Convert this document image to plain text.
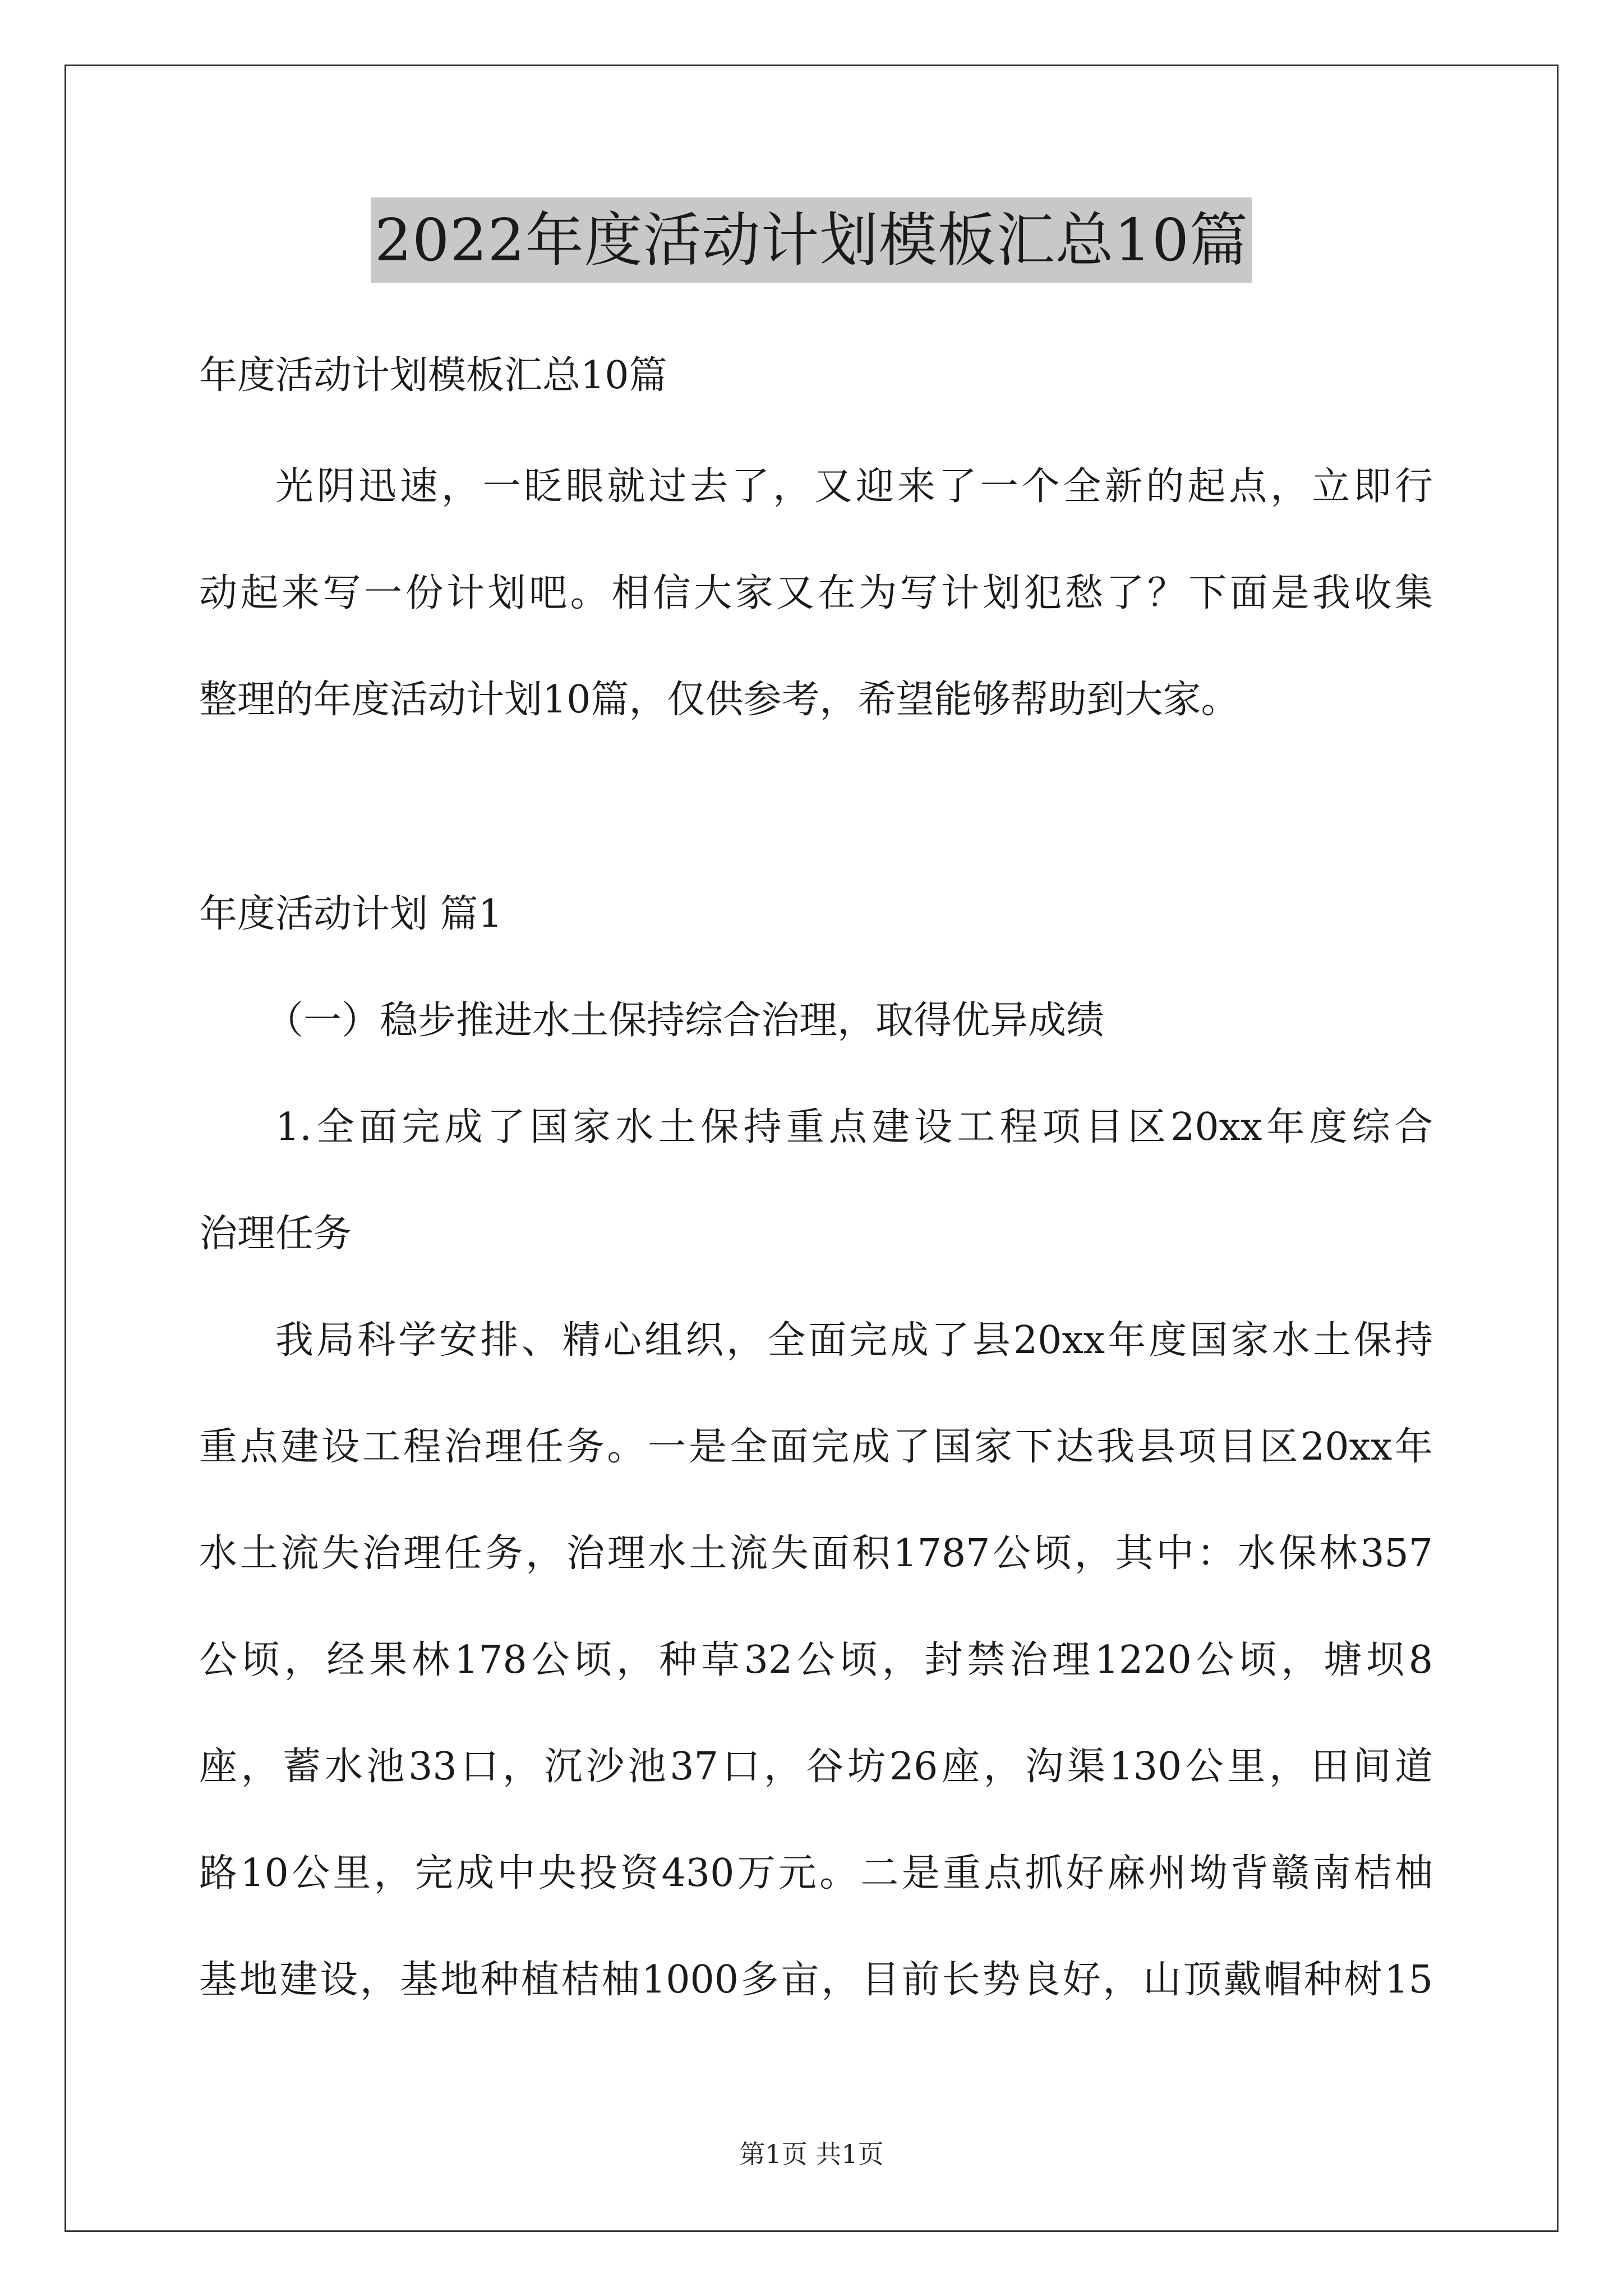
2022年度活动计划模板汇总10篇

年度活动计划模板汇总10篇

光阴迅速，一眨眼就过去了，又迎来了一个全新的起点，立即行
动起来写一份计划吧。相信大家又在为写计划犯愁了？下面是我收集
整理的年度活动计划10篇，仅供参考，希望能够帮助到大家。

年度活动计划 篇1

（一）稳步推进水土保持综合治理，取得优异成绩

1.全面完成了国家水土保持重点建设工程项目区20xx年度综合
治理任务

我局科学安排、精心组织，全面完成了县20xx年度国家水土保持
重点建设工程治理任务。一是全面完成了国家下达我县项目区20xx年
水土流失治理任务，治理水土流失面积1787公顷，其中：水保林357
公顷，经果林178公顷，种草32公顷，封禁治理1220公顷，塘坝8
座，蓄水池33口，沉沙池37口，谷坊26座，沟渠130公里，田间道
路10公里，完成中央投资430万元。二是重点抓好麻州坳背赣南桔柚
基地建设，基地种植桔柚1000多亩，目前长势良好，山顶戴帽种树15

第1页 共1页
